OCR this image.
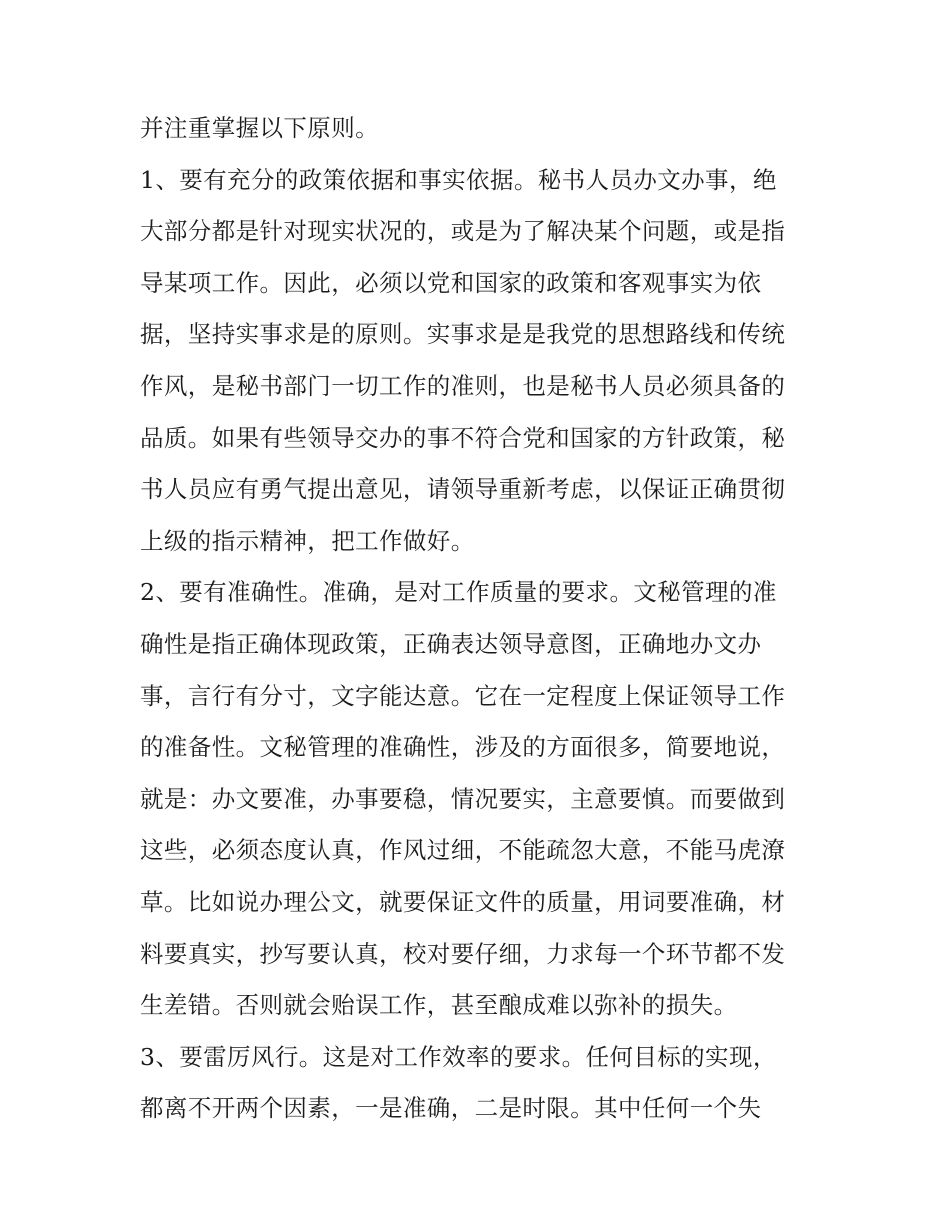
并注重掌握以下原则。
1、要有充分的政策依据和事实依据。秘书人员办文办事，绝
大部分都是针对现实状况的，或是为了解决某个问题，或是指
导某项工作。因此，必须以党和国家的政策和客观事实为依
据，坚持实事求是的原则。实事求是是我党的思想路线和传统
作风，是秘书部门一切工作的准则，也是秘书人员必须具备的
品质。如果有些领导交办的事不符合党和国家的方针政策，秘
书人员应有勇气提出意见，请领导重新考虑，以保证正确贯彻
上级的指示精神，把工作做好。
2、要有准确性。准确，是对工作质量的要求。文秘管理的准
确性是指正确体现政策，正确表达领导意图，正确地办文办
事，言行有分寸，文字能达意。它在一定程度上保证领导工作
的准备性。文秘管理的准确性，涉及的方面很多，简要地说，
就是：办文要准，办事要稳，情况要实，主意要慎。而要做到
这些，必须态度认真，作风过细，不能疏忽大意，不能马虎潦
草。比如说办理公文，就要保证文件的质量，用词要准确，材
料要真实，抄写要认真，校对要仔细，力求每一个环节都不发
生差错。否则就会贻误工作，甚至酿成难以弥补的损失。
3、要雷厉风行。这是对工作效率的要求。任何目标的实现，
都离不开两个因素，一是准确，二是时限。其中任何一个失
